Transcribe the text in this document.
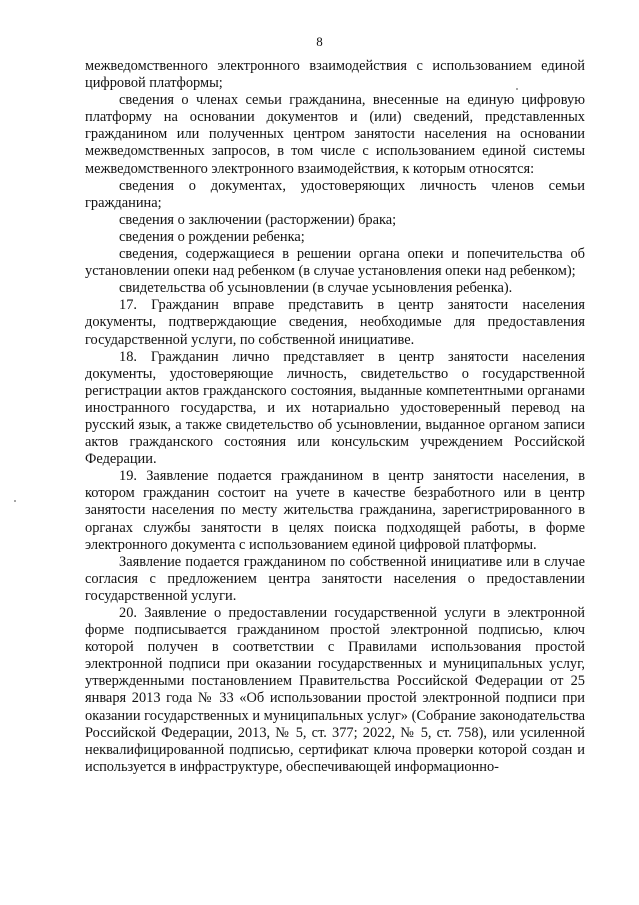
8

межведомственного электронного взаимодействия с использованием единой цифровой платформы;

сведения о членах семьи гражданина, внесенные на единую цифровую платформу на основании документов и (или) сведений, представленных гражданином или полученных центром занятости населения на основании межведомственных запросов, в том числе с использованием единой системы межведомственного электронного взаимодействия, к которым относятся:

сведения о документах, удостоверяющих личность членов семьи гражданина;

сведения о заключении (расторжении) брака;

сведения о рождении ребенка;

сведения, содержащиеся в решении органа опеки и попечительства об установлении опеки над ребенком (в случае установления опеки над ребенком);

свидетельства об усыновлении (в случае усыновления ребенка).

17. Гражданин вправе представить в центр занятости населения документы, подтверждающие сведения, необходимые для предоставления государственной услуги, по собственной инициативе.

18. Гражданин лично представляет в центр занятости населения документы, удостоверяющие личность, свидетельство о государственной регистрации актов гражданского состояния, выданные компетентными органами иностранного государства, и их нотариально удостоверенный перевод на русский язык, а также свидетельство об усыновлении, выданное органом записи актов гражданского состояния или консульским учреждением Российской Федерации.

19. Заявление подается гражданином в центр занятости населения, в котором гражданин состоит на учете в качестве безработного или в центр занятости населения по месту жительства гражданина, зарегистрированного в органах службы занятости в целях поиска подходящей работы, в форме электронного документа с использованием единой цифровой платформы.

Заявление подается гражданином по собственной инициативе или в случае согласия с предложением центра занятости населения о предоставлении государственной услуги.

20. Заявление о предоставлении государственной услуги в электронной форме подписывается гражданином простой электронной подписью, ключ которой получен в соответствии с Правилами использования простой электронной подписи при оказании государственных и муниципальных услуг, утвержденными постановлением Правительства Российской Федерации от 25 января 2013 года № 33 «Об использовании простой электронной подписи при оказании государственных и муниципальных услуг» (Собрание законодательства Российской Федерации, 2013, № 5, ст. 377; 2022, № 5, ст. 758), или усиленной неквалифицированной подписью, сертификат ключа проверки которой создан и используется в инфраструктуре, обеспечивающей информационно-
